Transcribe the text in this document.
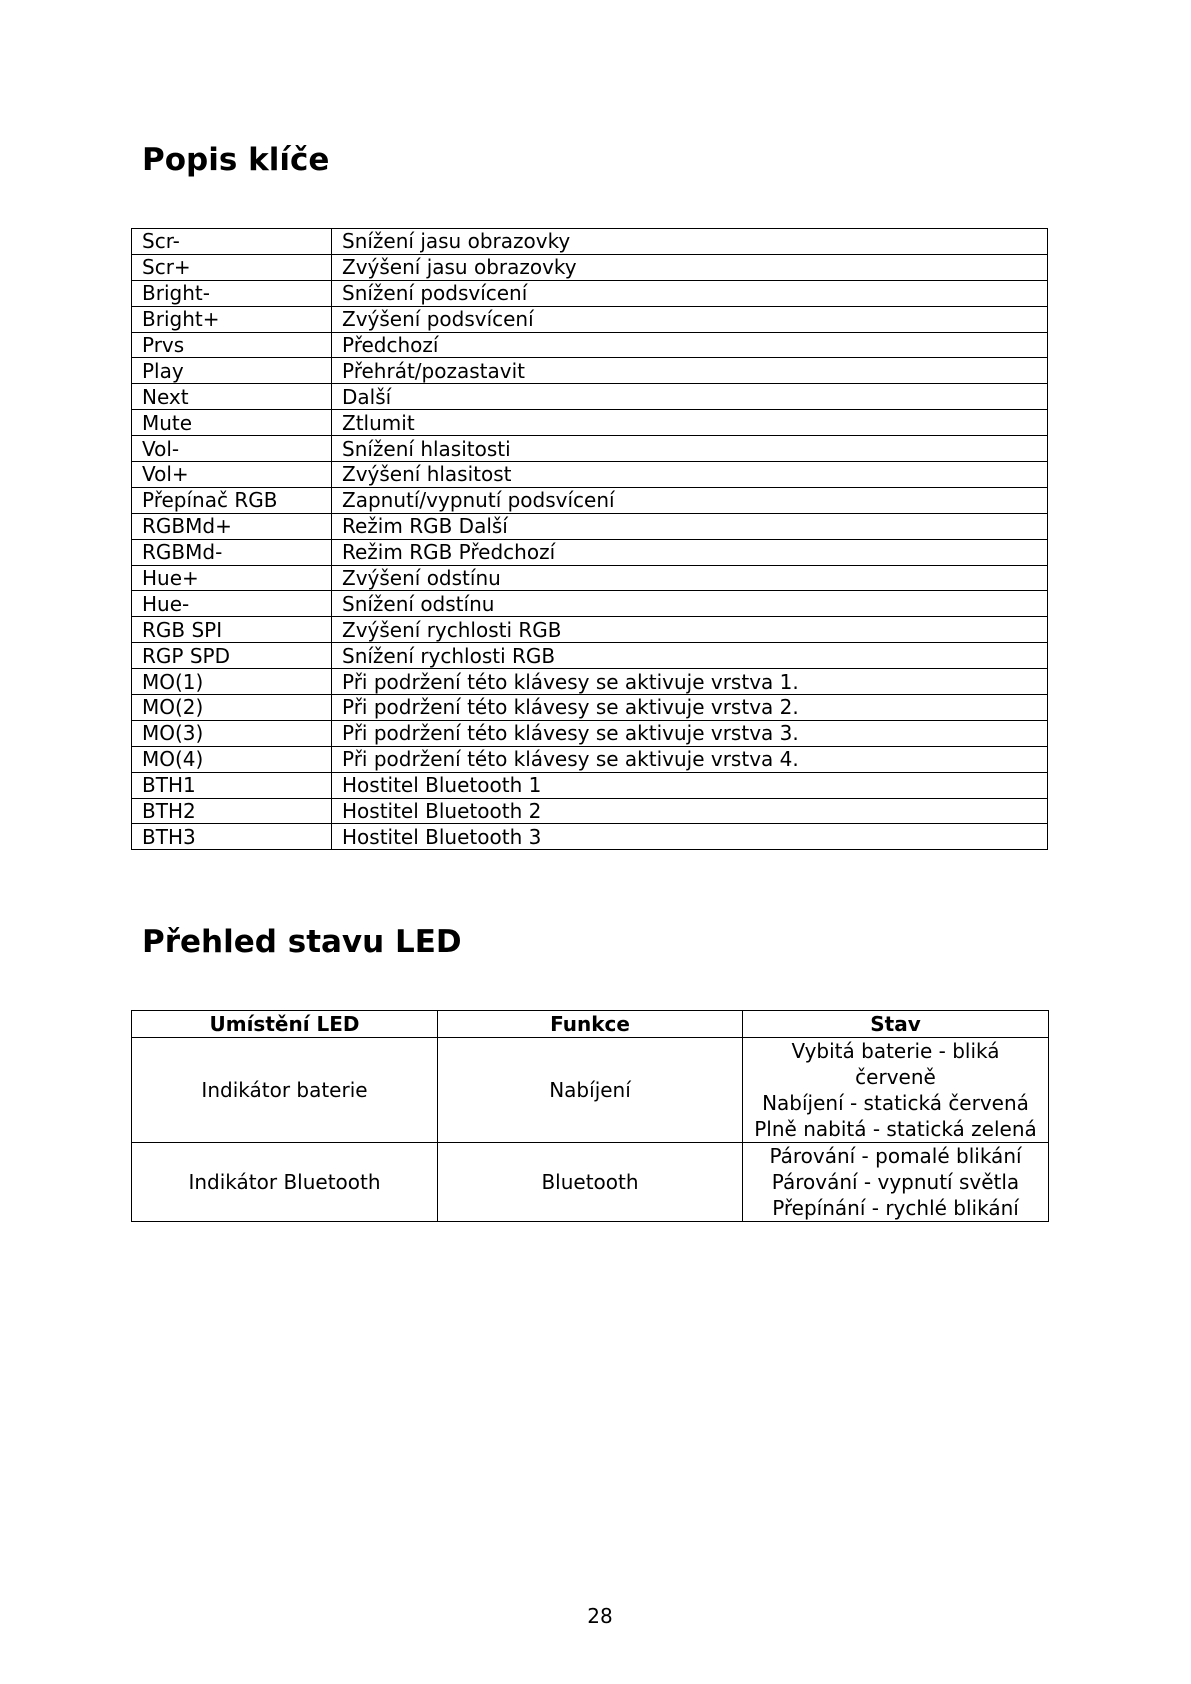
Popis klíče
Scr-	Snížení jasu obrazovky
Scr+	Zvýšení jasu obrazovky
Bright-	Snížení podsvícení
Bright+	Zvýšení podsvícení
Prvs	Předchozí
Play	Přehrát/pozastavit
Next	Další
Mute	Ztlumit
Vol-	Snížení hlasitosti
Vol+	Zvýšení hlasitost
Přepínač RGB	Zapnutí/vypnutí podsvícení
RGBMd+	Režim RGB Další
RGBMd-	Režim RGB Předchozí
Hue+	Zvýšení odstínu
Hue-	Snížení odstínu
RGB SPI	Zvýšení rychlosti RGB
RGP SPD	Snížení rychlosti RGB
MO(1)	Při podržení této klávesy se aktivuje vrstva 1.
MO(2)	Při podržení této klávesy se aktivuje vrstva 2.
MO(3)	Při podržení této klávesy se aktivuje vrstva 3.
MO(4)	Při podržení této klávesy se aktivuje vrstva 4.
BTH1	Hostitel Bluetooth 1
BTH2	Hostitel Bluetooth 2
BTH3	Hostitel Bluetooth 3
Přehled stavu LED
Umístění LED	Funkce	Stav
Indikátor baterie	Nabíjení	Vybitá baterie - bliká červeně
Nabíjení - statická červená
Plně nabitá - statická zelená

Indikátor Bluetooth	Bluetooth	Párování - pomalé blikání
Párování - vypnutí světla
Přepínání - rychlé blikání
28
